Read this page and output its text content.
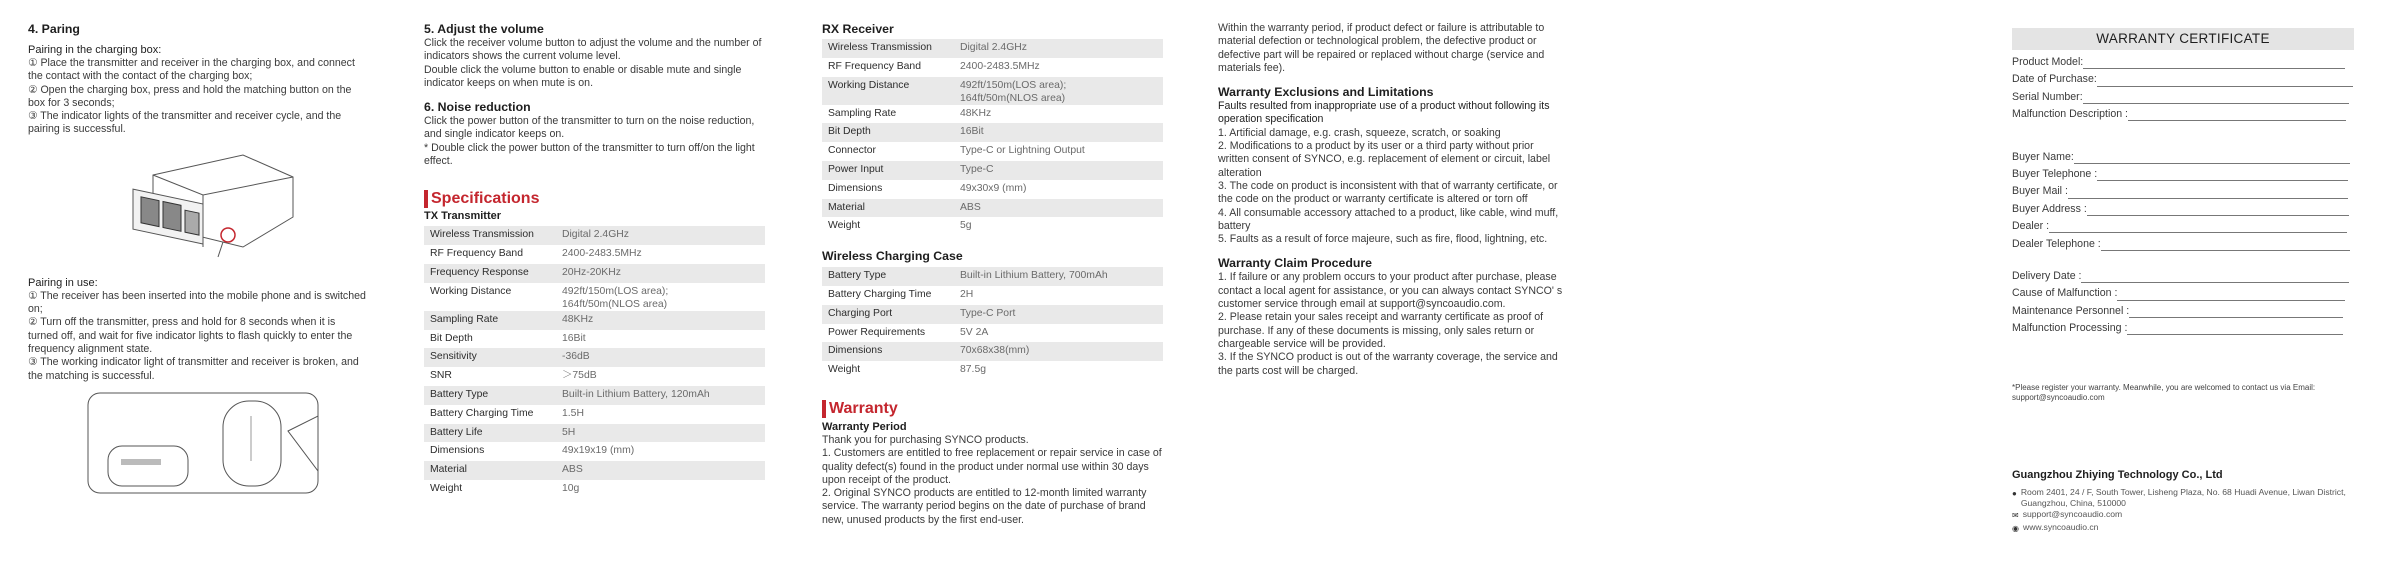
4. Paring

Pairing in the charging box:

① Place the transmitter and receiver in the charging box, and connect the contact with the contact of the charging box;

② Open the charging box, press and hold the matching button on the box for 3 seconds;

③ The indicator lights of the transmitter and receiver cycle, and the pairing is successful.

Pairing in use:

① The receiver has been inserted into the mobile phone and is switched on;

② Turn off the transmitter, press and hold for 8 seconds when it is turned off, and wait for five indicator lights to flash quickly to enter the frequency alignment state.

③ The working indicator light of transmitter and receiver is broken, and the matching is successful.

5. Adjust the volume

Click the receiver volume button to adjust the volume and the number of indicators shows the current volume level.

Double click the volume button to enable or disable mute and single indicator keeps on when mute is on.

6. Noise reduction

Click the power button of the transmitter to turn on the noise reduction, and single indicator keeps on.

* Double click the power button of the transmitter to turn off/on the light effect.

Specifications

TX Transmitter

Wireless Transmission	Digital 2.4GHz

RF Frequency Band	2400-2483.5MHz

Frequency Response	20Hz-20KHz

Working Distance	492ft/150m(LOS area);
164ft/50m(NLOS area)

Sampling Rate	48KHz

Bit Depth	16Bit

Sensitivity	-36dB

SNR	＞75dB

Battery Type	Built-in Lithium Battery, 120mAh

Battery Charging Time	1.5H

Battery Life	5H

Dimensions	49x19x19 (mm)

Material	ABS

Weight	10g

RX Receiver

Wireless Transmission	Digital 2.4GHz

RF Frequency Band	2400-2483.5MHz

Working Distance	492ft/150m(LOS area);
164ft/50m(NLOS area)

Sampling Rate	48KHz

Bit Depth	16Bit

Connector	Type-C or Lightning Output

Power Input	Type-C

Dimensions	49x30x9 (mm)

Material	ABS

Weight	5g

Wireless Charging Case

Battery Type	Built-in Lithium Battery, 700mAh

Battery Charging Time	2H

Charging Port	Type-C Port

Power Requirements	5V 2A

Dimensions	70x68x38(mm)

Weight	87.5g

Warranty

Warranty Period

Thank you for purchasing SYNCO products.

1. Customers are entitled to free replacement or repair service in case of quality defect(s) found in the product under normal use within 30 days upon receipt of the product.

2. Original SYNCO products are entitled to 12-month limited warranty service. The warranty period begins on the date of purchase of brand new, unused products by the first end-user.

Within the warranty period, if product defect or failure is attributable to material defection or technological problem, the defective product or defective part will be repaired or replaced without charge (service and materials fee).

Warranty Exclusions and Limitations

Faults resulted from inappropriate use of a product without following its operation specification

1. Artificial damage, e.g. crash, squeeze, scratch, or soaking

2. Modifications to a product by its user or a third party without prior written consent of SYNCO, e.g. replacement of element or circuit, label alteration

3. The code on product is inconsistent with that of warranty certificate, or the code on the product or warranty certificate is altered or torn off

4. All consumable accessory attached to a product, like cable, wind muff, battery

5. Faults as a result of force majeure, such as fire, flood, lightning, etc.

Warranty Claim Procedure

1. If failure or any problem occurs to your product after purchase, please contact a local agent for assistance, or you can always contact SYNCO' s customer service through email at support@syncoaudio.com.

2. Please retain your sales receipt and warranty certificate as proof of purchase. If any of these documents is missing, only sales return or chargeable service will be provided.

3. If the SYNCO product is out of the warranty coverage, the service and the parts cost will be charged.

WARRANTY CERTIFICATE
Product Model:
Date of Purchase:
Serial Number:
Malfunction Description :
Buyer Name:
Buyer Telephone :
Buyer Mail :
Buyer Address :
Dealer :
Dealer Telephone :
Delivery Date :
Cause of Malfunction :
Maintenance Personnel :
Malfunction Processing :

*Please register your warranty. Meanwhile, you are welcomed to contact us via Email: support@syncoaudio.com

Guangzhou Zhiying Technology Co., Ltd

● Room 2401, 24 / F, South Tower, Lisheng Plaza, No. 68 Huadi Avenue, Liwan District, Guangzhou, China, 510000
✉ support@syncoaudio.com
◉ www.syncoaudio.cn
